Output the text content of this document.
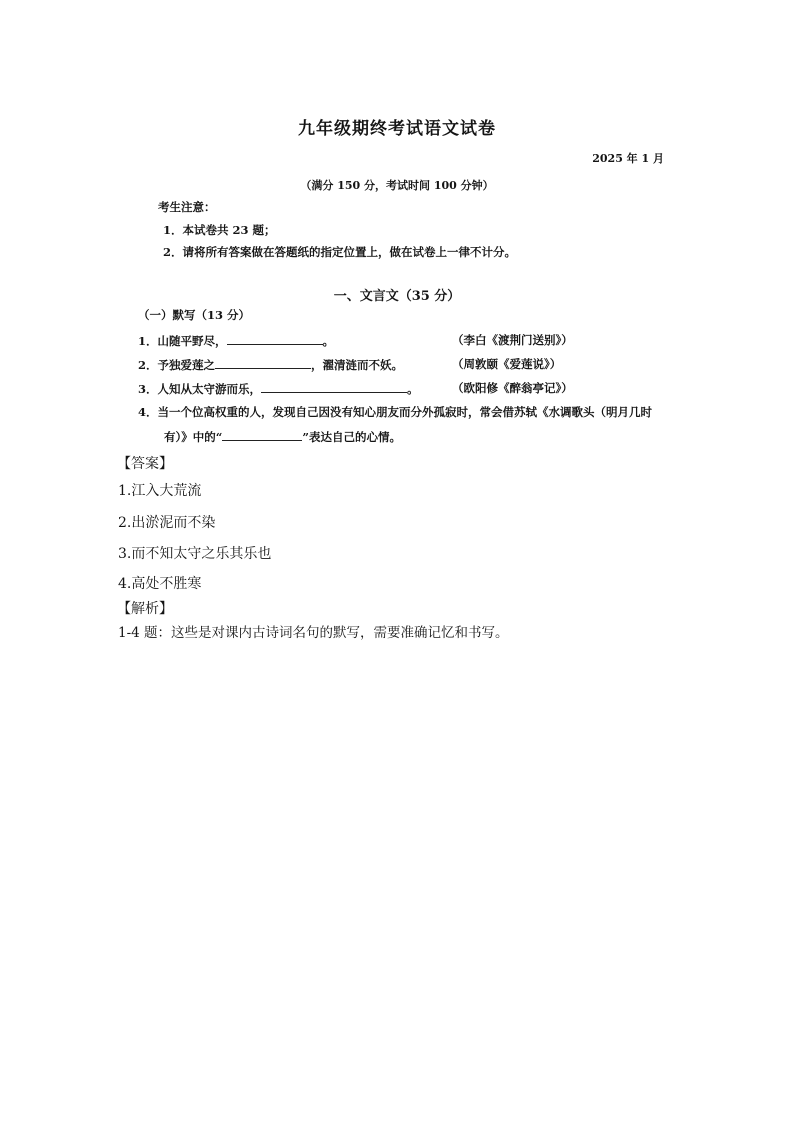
九年级期终考试语文试卷
2025 年 1 月
（满分 150 分，考试时间 100 分钟）
考生注意：
1．本试卷共 23 题；
2．请将所有答案做在答题纸的指定位置上，做在试卷上一律不计分。
一、文言文（35 分）
（一）默写（13 分）
1．山随平野尽，	。	（李白《渡荆门送别》）
2．予独爱莲之	，濯清涟而不妖。	（周敦颐《爱莲说》）
3．人知从太守游而乐，	。	（欧阳修《醉翁亭记》）
4．当一个位高权重的人，发现自己因没有知心朋友而分外孤寂时，常会借苏轼《水调歌头（明月几时
有）》中的“	”表达自己的心情。
【答案】
1.江入大荒流
2.出淤泥而不染
3.而不知太守之乐其乐也
4.高处不胜寒
【解析】
1-4 题：这些是对课内古诗词名句的默写，需要准确记忆和书写。
